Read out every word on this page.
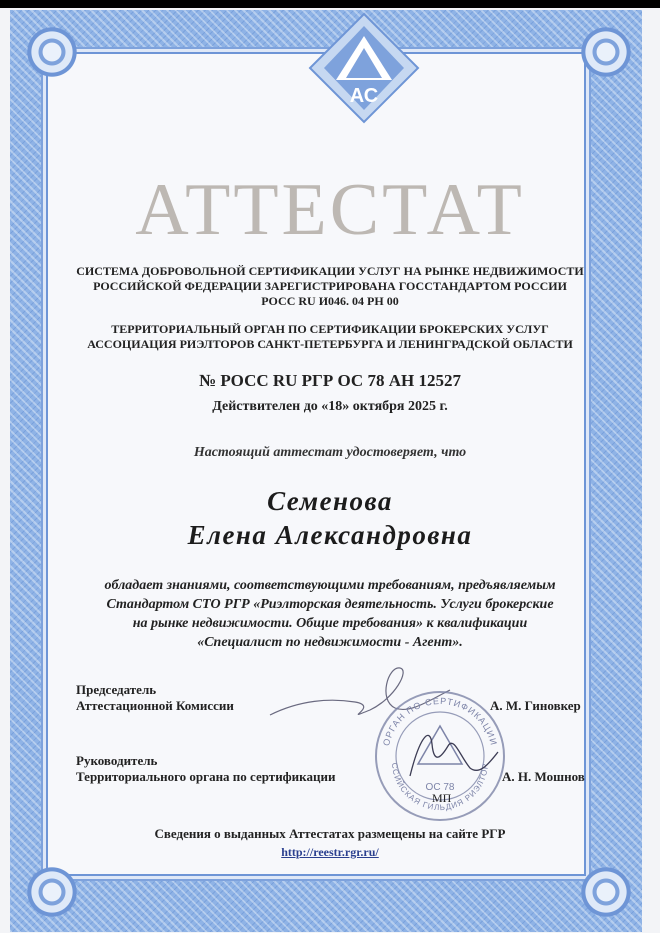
АС
АТТЕСТАТ
СИСТЕМА ДОБРОВОЛЬНОЙ СЕРТИФИКАЦИИ УСЛУГ НА РЫНКЕ НЕДВИЖИМОСТИ
РОССИЙСКОЙ ФЕДЕРАЦИИ ЗАРЕГИСТРИРОВАНА ГОССТАНДАРТОМ РОССИИ
РОСС RU И046. 04 РН 00
ТЕРРИТОРИАЛЬНЫЙ ОРГАН ПО СЕРТИФИКАЦИИ БРОКЕРСКИХ УСЛУГ
АССОЦИАЦИЯ РИЭЛТОРОВ САНКТ-ПЕТЕРБУРГА И ЛЕНИНГРАДСКОЙ ОБЛАСТИ
№ РОСС RU РГР ОС 78 АН 12527
Действителен до «18» октября 2025 г.
Настоящий аттестат удостоверяет, что
Семенова
Елена Александровна
обладает знаниями, соответствующими требованиям, предъявляемым
Стандартом СТО РГР «Риэлторская деятельность. Услуги брокерские
на рынке недвижимости. Общие требования» к квалификации
«Специалист по недвижимости - Агент».
Председатель
Аттестационной Комиссии	А. М. Гиновкер
Руководитель
Территориального органа по сертификации	А. Н. Мошнов
ОРГАН ПО СЕРТИФИКАЦИИ
ССИЙСКАЯ ГИЛЬДИЯ РИЭЛТОР
ОС 78
МП
Сведения о выданных Аттестатах размещены на сайте РГР
http://reestr.rgr.ru/
